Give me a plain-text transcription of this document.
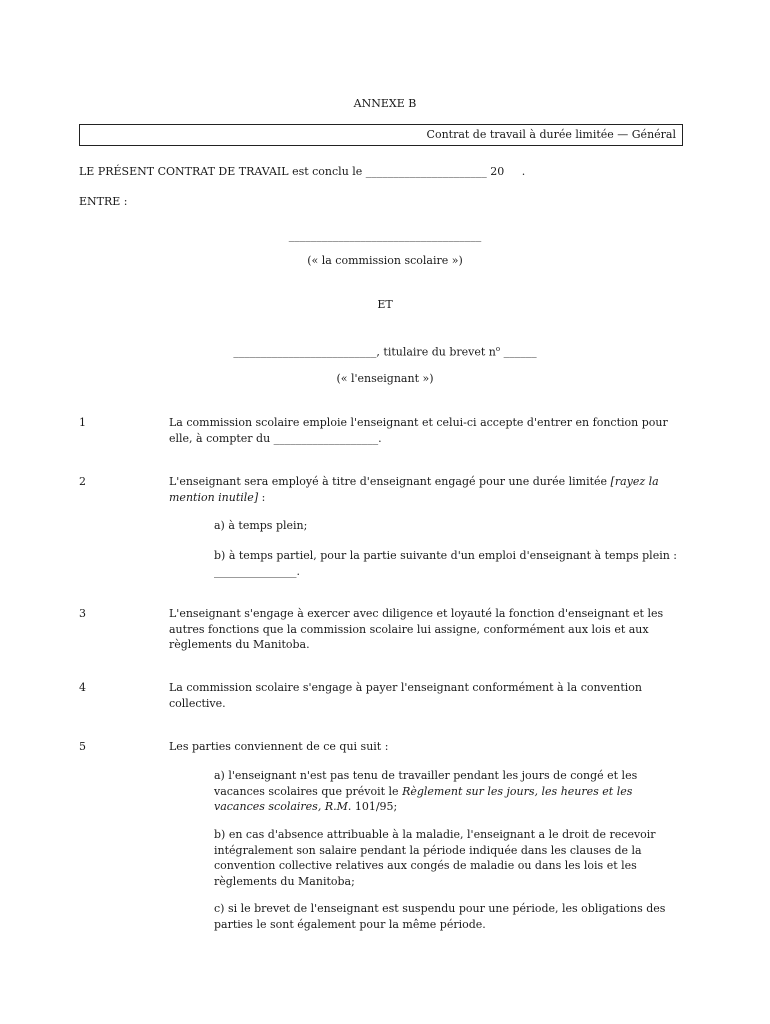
ANNEXE B
Contrat de travail à durée limitée — Général
LE PRÉSENT CONTRAT DE TRAVAIL est conclu le ______________________ 20     .
ENTRE :
___________________________________
(« la commission scolaire »)
ET
__________________________, titulaire du brevet $n^o$ ______
(« l'enseignant »)
1	La commission scolaire emploie l'enseignant et celui-ci accepte d'entrer en fonction pour elle, à compter du ___________________.
2	L'enseignant sera employé à titre d'enseignant engagé pour une durée limitée [rayez la mention inutile] :
a) à temps plein;
b) à temps partiel, pour la partie suivante d'un emploi d'enseignant à temps plein : _______________.
3	L'enseignant s'engage à exercer avec diligence et loyauté la fonction d'enseignant et les autres fonctions que la commission scolaire lui assigne, conformément aux lois et aux règlements du Manitoba.
4	La commission scolaire s'engage à payer l'enseignant conformément à la convention collective.
5	Les parties conviennent de ce qui suit :
a) l'enseignant n'est pas tenu de travailler pendant les jours de congé et les vacances scolaires que prévoit le Règlement sur les jours, les heures et les vacances scolaires, R.M. 101/95;
b) en cas d'absence attribuable à la maladie, l'enseignant a le droit de recevoir intégralement son salaire pendant la période indiquée dans les clauses de la convention collective relatives aux congés de maladie ou dans les lois et les règlements du Manitoba;
c) si le brevet de l'enseignant est suspendu pour une période, les obligations des parties le sont également pour la même période.
